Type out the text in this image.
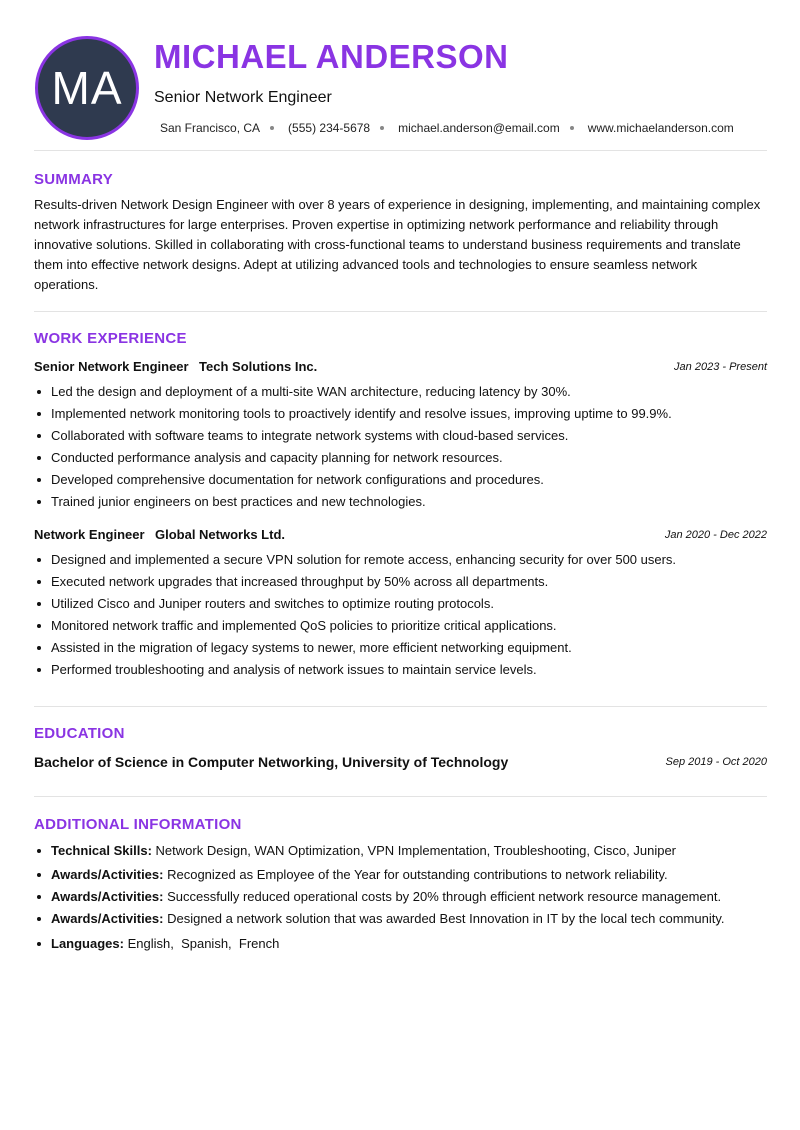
MA
MICHAEL ANDERSON
Senior Network Engineer
San Francisco, CA (555) 234-5678 michael.anderson@email.com www.michaelanderson.com
SUMMARY

Results-driven Network Design Engineer with over 8 years of experience in designing, implementing, and maintaining complex network infrastructures for large enterprises. Proven expertise in optimizing network performance and reliability through innovative solutions. Skilled in collaborating with cross-functional teams to understand business requirements and translate them into effective network designs. Adept at utilizing advanced tools and technologies to ensure seamless network operations.

WORK EXPERIENCE
Senior Network Engineer Tech Solutions Inc.	Jan 2023 - Present
Led the design and deployment of a multi-site WAN architecture, reducing latency by 30%.
Implemented network monitoring tools to proactively identify and resolve issues, improving uptime to 99.9%.
Collaborated with software teams to integrate network systems with cloud-based services.
Conducted performance analysis and capacity planning for network resources.
Developed comprehensive documentation for network configurations and procedures.
Trained junior engineers on best practices and new technologies.
Network Engineer Global Networks Ltd.	Jan 2020 - Dec 2022
Designed and implemented a secure VPN solution for remote access, enhancing security for over 500 users.
Executed network upgrades that increased throughput by 50% across all departments.
Utilized Cisco and Juniper routers and switches to optimize routing protocols.
Monitored network traffic and implemented QoS policies to prioritize critical applications.
Assisted in the migration of legacy systems to newer, more efficient networking equipment.
Performed troubleshooting and analysis of network issues to maintain service levels.
EDUCATION
Bachelor of Science in Computer Networking, University of Technology	Sep 2019 - Oct 2020
ADDITIONAL INFORMATION
Technical Skills: Network Design, WAN Optimization, VPN Implementation, Troubleshooting, Cisco, Juniper
Awards/Activities: Recognized as Employee of the Year for outstanding contributions to network reliability.
Awards/Activities: Successfully reduced operational costs by 20% through efficient network resource management.
Awards/Activities: Designed a network solution that was awarded Best Innovation in IT by the local tech community.
Languages: English,  Spanish,  French
